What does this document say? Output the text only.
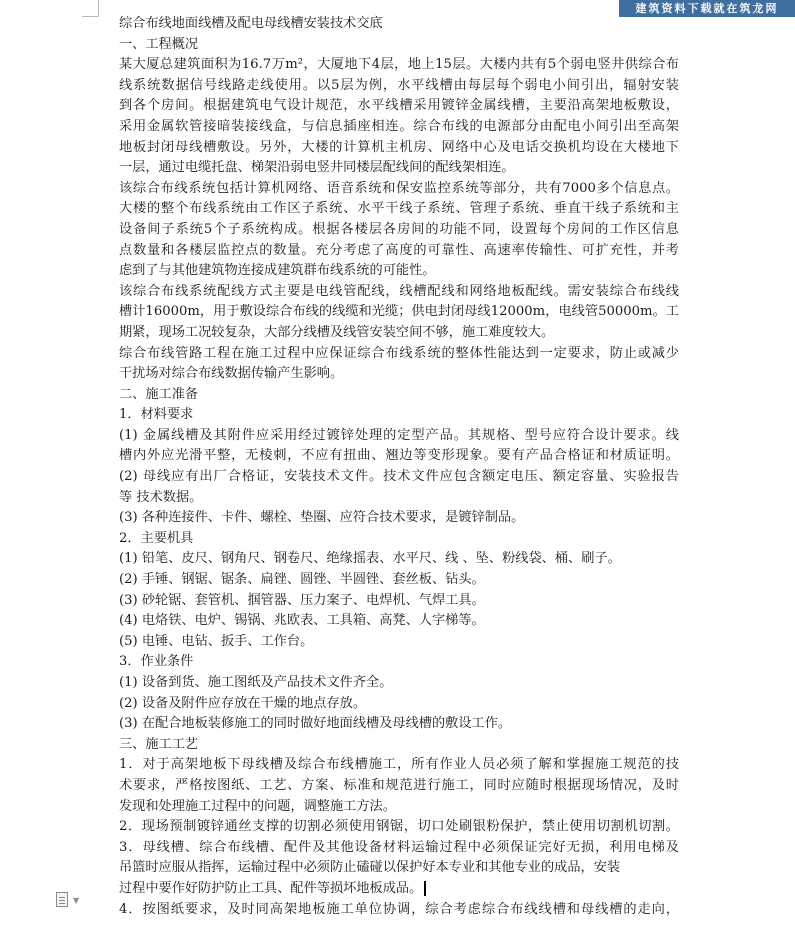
建筑资料下载就在筑龙网
综合布线地面线槽及配电母线槽安装技术交底
一、工程概况
某大厦总建筑面积为16.7万m²，大厦地下4层，地上15层。大楼内共有5个弱电竖井供综合布
线系统数据信号线路走线使用。以5层为例，水平线槽由每层每个弱电小间引出，辐射安装
到各个房间。根据建筑电气设计规范，水平线槽采用镀锌金属线槽，主要沿高架地板敷设，
采用金属软管接暗装接线盒，与信息插座相连。综合布线的电源部分由配电小间引出至高架
地板封闭母线槽敷设。另外，大楼的计算机主机房、网络中心及电话交换机均设在大楼地下
一层，通过电缆托盘、梯架沿弱电竖井同楼层配线间的配线架相连。
该综合布线系统包括计算机网络、语音系统和保安监控系统等部分，共有7000多个信息点。
大楼的整个布线系统由工作区子系统、水平干线子系统、管理子系统、垂直干线子系统和主
设备间子系统5个子系统构成。根据各楼层各房间的功能不同，设置每个房间的工作区信息
点数量和各楼层监控点的数量。充分考虑了高度的可靠性、高速率传输性、可扩充性，并考
虑到了与其他建筑物连接成建筑群布线系统的可能性。
该综合布线系统配线方式主要是电线管配线，线槽配线和网络地板配线。需安装综合布线线
槽计16000m，用于敷设综合布线的线缆和光缆；供电封闭母线12000m，电线管50000m。工
期紧，现场工况较复杂，大部分线槽及线管安装空间不够，施工难度较大。
综合布线管路工程在施工过程中应保证综合布线系统的整体性能达到一定要求，防止或减少
干扰场对综合布线数据传输产生影响。
二、施工准备
1．材料要求
(1) 金属线槽及其附件应采用经过镀锌处理的定型产品。其规格、型号应符合设计要求。线
槽内外应光滑平整，无棱刺，不应有扭曲、翘边等变形现象。要有产品合格证和材质证明。
(2) 母线应有出厂合格证，安装技术文件。技术文件应包含额定电压、额定容量、实验报告
等 技术数据。
(3) 各种连接件、卡件、螺栓、垫圈、应符合技术要求，是镀锌制品。
2．主要机具
(1) 铅笔、皮尺、钢角尺、钢卷尺、绝缘摇表、水平尺、线 、坠、粉线袋、桶、刷子。
(2) 手锤、钢锯、锯条、扁锉、圆锉、半圆锉、套丝板、钻头。
(3) 砂轮锯、套管机、掴管器、压力案子、电焊机、气焊工具。
(4) 电烙铁、电炉、锡锅、兆欧表、工具箱、高凳、人字梯等。
(5) 电锤、电钻、扳手、工作台。
3．作业条件
(1) 设备到货、施工图纸及产品技术文件齐全。
(2) 设备及附件应存放在干燥的地点存放。
(3) 在配合地板装修施工的同时做好地面线槽及母线槽的敷设工作。
三、施工工艺
1．对于高架地板下母线槽及综合布线槽施工，所有作业人员必须了解和掌握施工规范的技
术要求，严格按图纸、工艺、方案、标准和规范进行施工，同时应随时根据现场情况，及时
发现和处理施工过程中的问题，调整施工方法。
2．现场预制镀锌通丝支撑的切割必须使用钢锯，切口处刷银粉保护，禁止使用切割机切割。
3．母线槽、综合布线槽、配件及其他设备材料运输过程中必须保证完好无损，利用电梯及
吊篮时应服从指挥，运输过程中必须防止磕碰以保护好本专业和其他专业的成品，安装
过程中要作好防护防止工具、配件等损坏地板成品。
4．按图纸要求，及时同高架地板施工单位协调，综合考虑综合布线线槽和母线槽的走向，
▼
